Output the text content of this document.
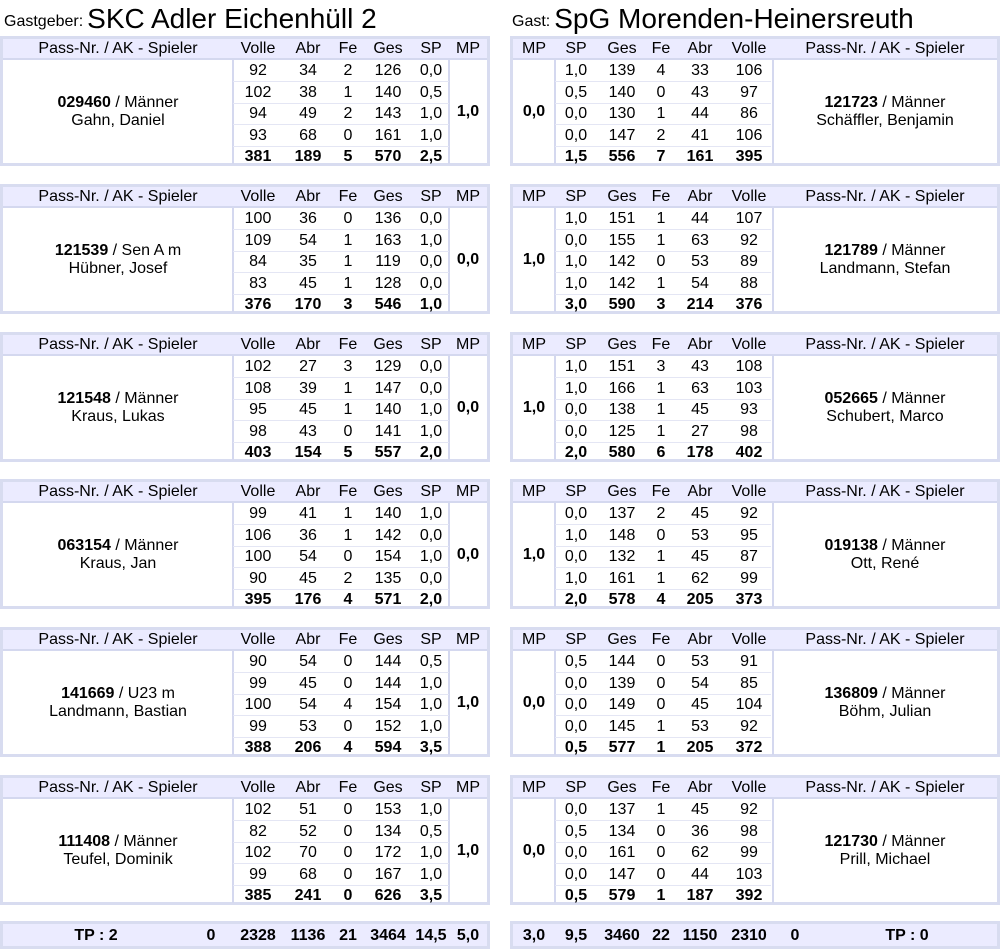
Gastgeber: SKC Adler Eichenhüll 2	Gast: SpG Morenden-Heinersreuth
Pass-Nr. / AK - Spieler	Volle	Abr	Fe	Ges	SP MP
029460 / Männer
Gahn, Daniel
1,0
92	34	2	126	0,0
102	38	1	140	0,5
94	49	2	143	1,0
93	68	0	161	1,0
381	189	5	570	2,5
MP	SP	Ges Fe	Abr	Volle	Pass-Nr. / AK - Spieler
121723 / Männer
Schäffler, Benjamin
0,0
1,0	139	4	33	106
0,5	140	0	43	97
0,0	130	1	44	86
0,0	147	2	41	106
1,5	556	7	161	395
Pass-Nr. / AK - Spieler	Volle	Abr	Fe	Ges	SP MP
121539 / Sen A m
Hübner, Josef
0,0
100	36	0	136	0,0
109	54	1	163	1,0
84	35	1	119	0,0
83	45	1	128	0,0
376	170	3	546	1,0
MP	SP	Ges Fe	Abr	Volle	Pass-Nr. / AK - Spieler
121789 / Männer
Landmann, Stefan
1,0
1,0	151	1	44	107
0,0	155	1	63	92
1,0	142	0	53	89
1,0	142	1	54	88
3,0	590	3	214	376
Pass-Nr. / AK - Spieler	Volle	Abr	Fe	Ges	SP MP
121548 / Männer
Kraus, Lukas
0,0
102	27	3	129	0,0
108	39	1	147	0,0
95	45	1	140	1,0
98	43	0	141	1,0
403	154	5	557	2,0
MP	SP	Ges Fe	Abr	Volle	Pass-Nr. / AK - Spieler
052665 / Männer
Schubert, Marco
1,0
1,0	151	3	43	108
1,0	166	1	63	103
0,0	138	1	45	93
0,0	125	1	27	98
2,0	580	6	178	402
Pass-Nr. / AK - Spieler	Volle	Abr	Fe	Ges	SP MP
063154 / Männer
Kraus, Jan
0,0
99	41	1	140	1,0
106	36	1	142	0,0
100	54	0	154	1,0
90	45	2	135	0,0
395	176	4	571	2,0
MP	SP	Ges Fe	Abr	Volle	Pass-Nr. / AK - Spieler
019138 / Männer
Ott, René
1,0
0,0	137	2	45	92
1,0	148	0	53	95
0,0	132	1	45	87
1,0	161	1	62	99
2,0	578	4	205	373
Pass-Nr. / AK - Spieler	Volle	Abr	Fe	Ges	SP MP
141669 / U23 m
Landmann, Bastian
1,0
90	54	0	144	0,5
99	45	0	144	1,0
100	54	4	154	1,0
99	53	0	152	1,0
388	206	4	594	3,5
MP	SP	Ges Fe	Abr	Volle	Pass-Nr. / AK - Spieler
136809 / Männer
Böhm, Julian
0,0
0,5	144	0	53	91
0,0	139	0	54	85
0,0	149	0	45	104
0,0	145	1	53	92
0,5	577	1	205	372
Pass-Nr. / AK - Spieler	Volle	Abr	Fe	Ges	SP MP
111408 / Männer
Teufel, Dominik
1,0
102	51	0	153	1,0
82	52	0	134	0,5
102	70	0	172	1,0
99	68	0	167	1,0
385	241	0	626	3,5
MP	SP	Ges Fe	Abr	Volle	Pass-Nr. / AK - Spieler
121730 / Männer
Prill, Michael
0,0
0,0	137	1	45	92
0,5	134	0	36	98
0,0	161	0	62	99
0,0	147	0	44	103
0,5	579	1	187	392
TP : 2	0	2328 1136 21 3464 14,5 5,0	3,0	9,5	3460 22 1150 2310	0	TP : 0
